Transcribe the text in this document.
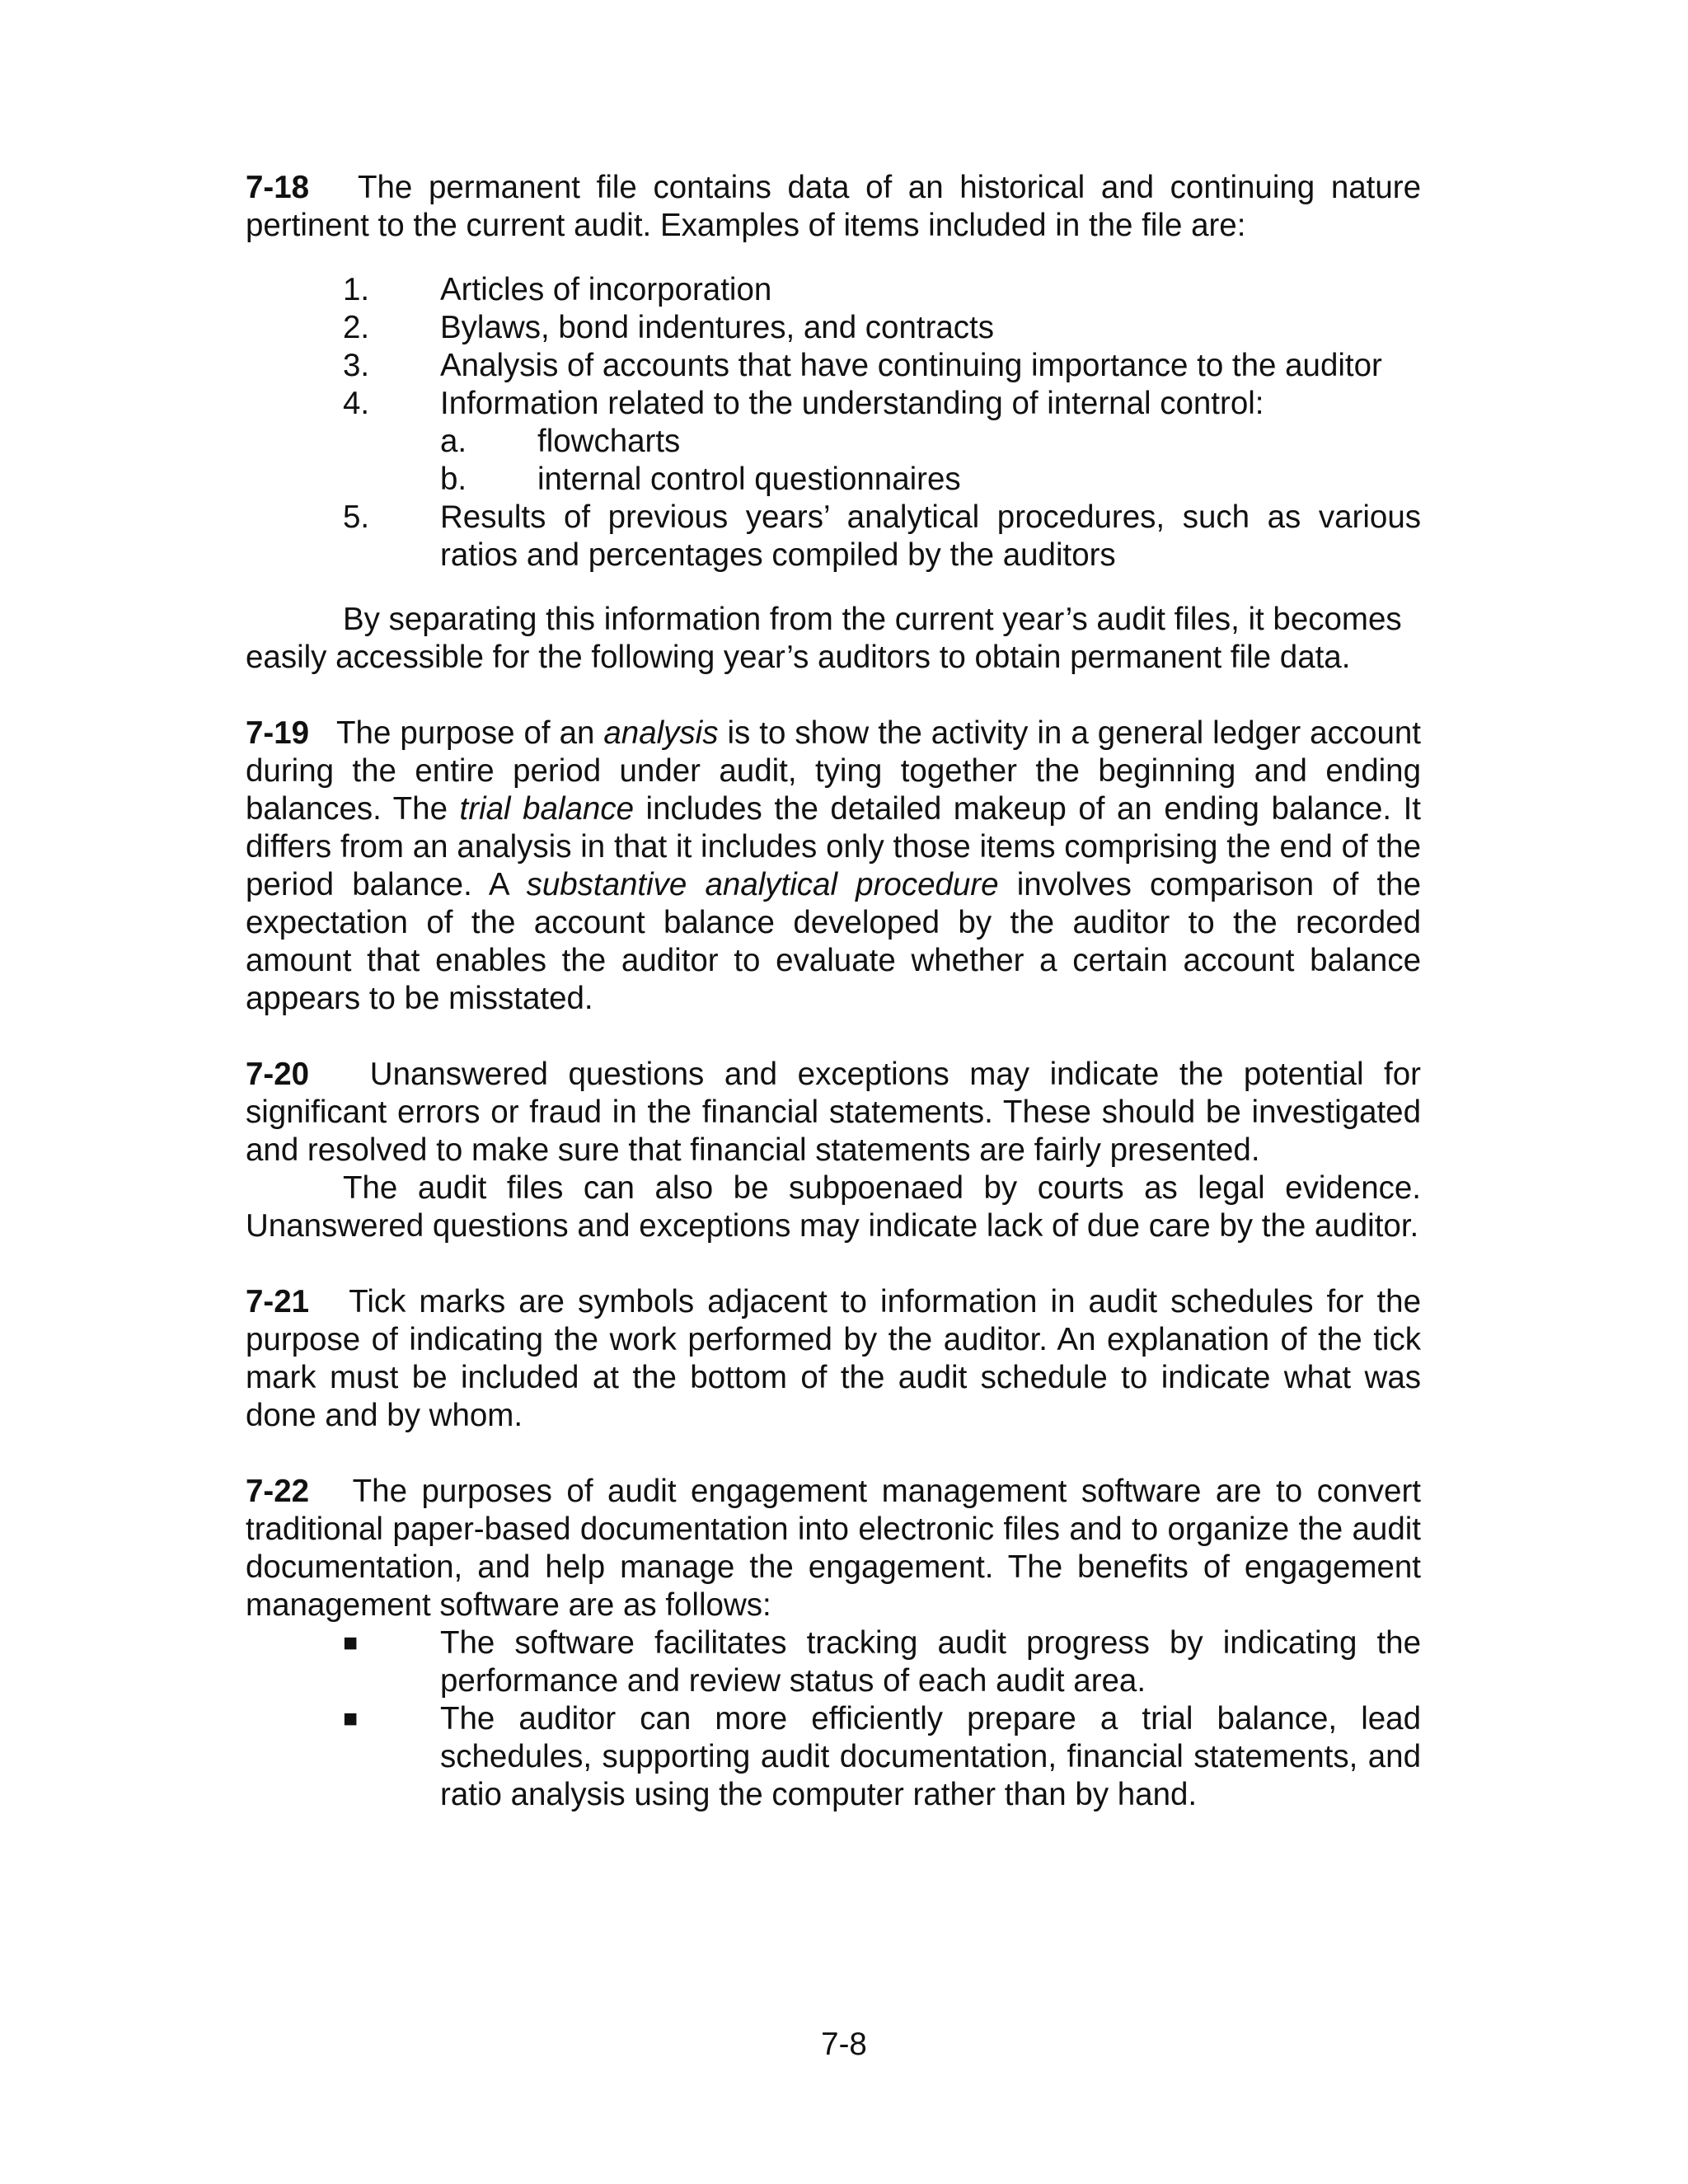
7-18 The permanent file contains data of an historical and continuing nature pertinent to the current audit. Examples of items included in the file are:

1.	Articles of incorporation
2.	Bylaws, bond indentures, and contracts
3.	Analysis of accounts that have continuing importance to the auditor
4.	Information related to the understanding of internal control:
a.	flowcharts
b.	internal control questionnaires
5.	Results of previous years’ analytical procedures, such as various ratios and percentages compiled by the auditors

By separating this information from the current year’s audit files, it becomes easily accessible for the following year’s auditors to obtain permanent file data.

7-19 The purpose of an analysis is to show the activity in a general ledger account during the entire period under audit, tying together the beginning and ending balances. The trial balance includes the detailed makeup of an ending balance. It differs from an analysis in that it includes only those items comprising the end of the period balance. A substantive analytical procedure involves comparison of the expectation of the account balance developed by the auditor to the recorded amount that enables the auditor to evaluate whether a certain account balance appears to be misstated.

7-20 Unanswered questions and exceptions may indicate the potential for significant errors or fraud in the financial statements. These should be investigated and resolved to make sure that financial statements are fairly presented.

The audit files can also be subpoenaed by courts as legal evidence. Unanswered questions and exceptions may indicate lack of due care by the auditor.

7-21 Tick marks are symbols adjacent to information in audit schedules for the purpose of indicating the work performed by the auditor. An explanation of the tick mark must be included at the bottom of the audit schedule to indicate what was done and by whom.

7-22 The purposes of audit engagement management software are to convert traditional paper-based documentation into electronic files and to organize the audit documentation, and help manage the engagement. The benefits of engagement management software are as follows:

■	The software facilitates tracking audit progress by indicating the performance and review status of each audit area.
■	The auditor can more efficiently prepare a trial balance, lead schedules, supporting audit documentation, financial statements, and ratio analysis using the computer rather than by hand.
7-8
